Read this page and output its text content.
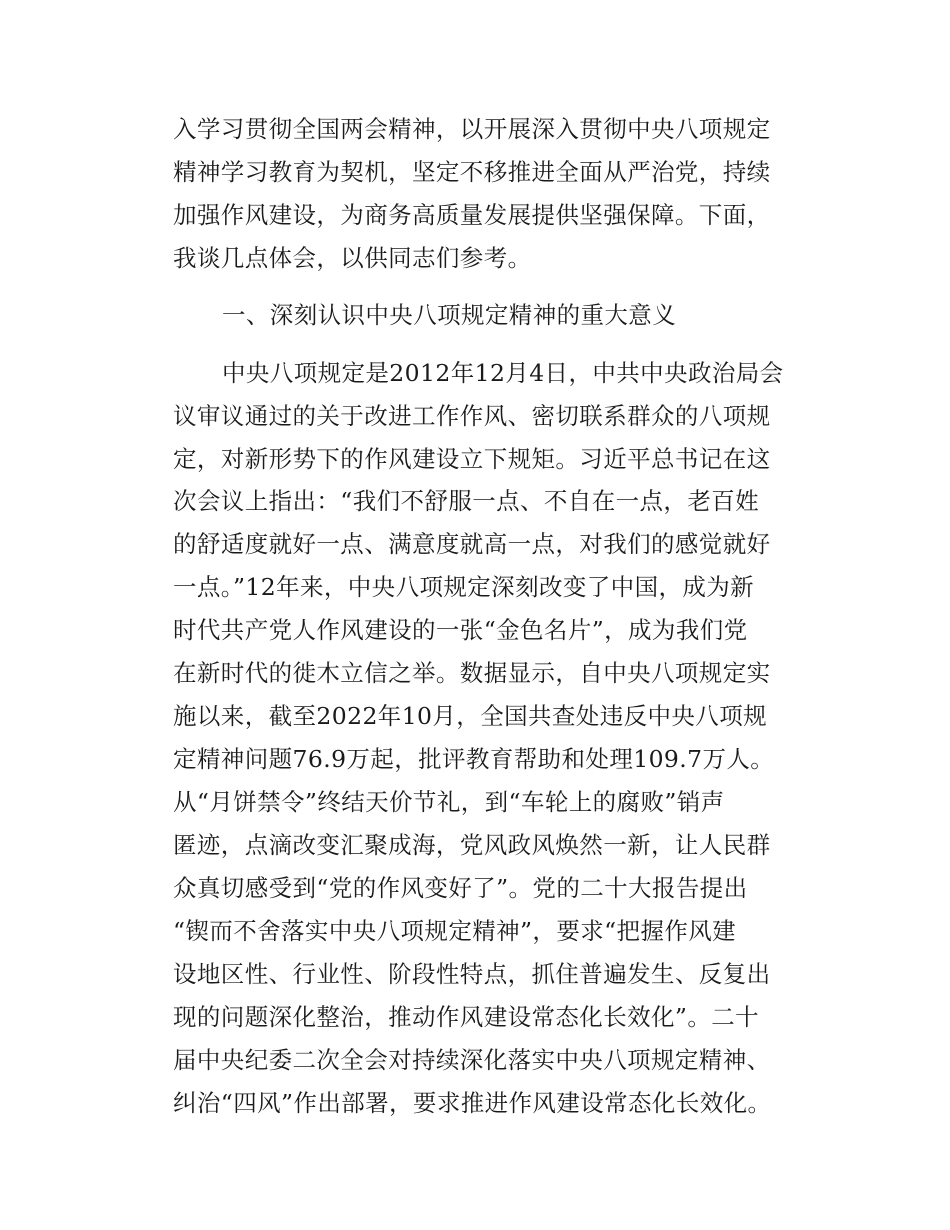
入学习贯彻全国两会精神，以开展深入贯彻中央八项规定
精神学习教育为契机，坚定不移推进全面从严治党，持续
加强作风建设，为商务高质量发展提供坚强保障。下面，
我谈几点体会，以供同志们参考。
一、深刻认识中央八项规定精神的重大意义
中央八项规定是2012年12月4日，中共中央政治局会
议审议通过的关于改进工作作风、密切联系群众的八项规
定，对新形势下的作风建设立下规矩。习近平总书记在这
次会议上指出：“我们不舒服一点、不自在一点，老百姓
的舒适度就好一点、满意度就高一点，对我们的感觉就好
一点。”12年来，中央八项规定深刻改变了中国，成为新
时代共产党人作风建设的一张“金色名片”，成为我们党
在新时代的徙木立信之举。数据显示，自中央八项规定实
施以来，截至2022年10月，全国共查处违反中央八项规
定精神问题76.9万起，批评教育帮助和处理109.7万人。
从“月饼禁令”终结天价节礼，到“车轮上的腐败”销声
匿迹，点滴改变汇聚成海，党风政风焕然一新，让人民群
众真切感受到“党的作风变好了”。党的二十大报告提出
“锲而不舍落实中央八项规定精神”，要求“把握作风建
设地区性、行业性、阶段性特点，抓住普遍发生、反复出
现的问题深化整治，推动作风建设常态化长效化”。二十
届中央纪委二次全会对持续深化落实中央八项规定精神、
纠治“四风”作出部署，要求推进作风建设常态化长效化。
